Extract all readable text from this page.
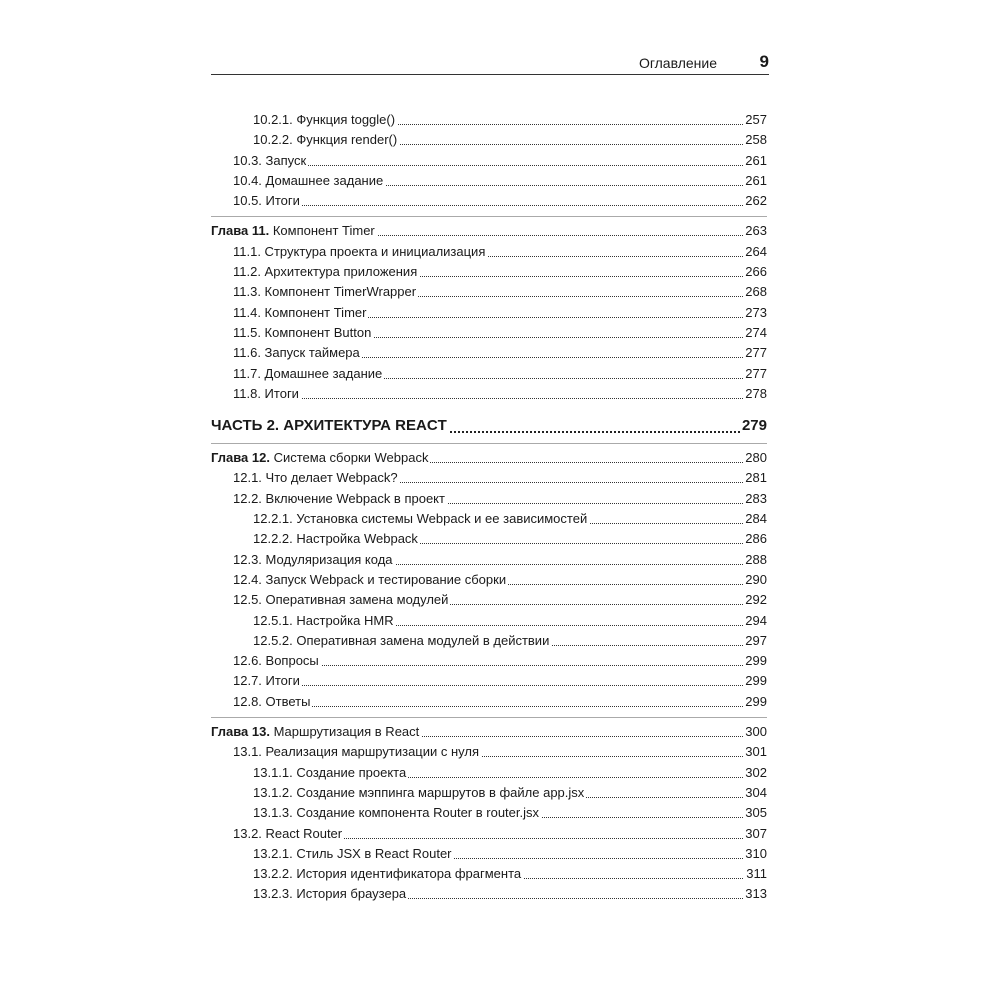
Оглавление	9
10.2.1. Функция toggle()	257
10.2.2. Функция render()	258
10.3. Запуск	261
10.4. Домашнее задание	261
10.5. Итоги	262
Глава 11. Компонент Timer	263
11.1. Структура проекта и инициализация	264
11.2. Архитектура приложения	266
11.3. Компонент TimerWrapper	268
11.4. Компонент Timer	273
11.5. Компонент Button	274
11.6. Запуск таймера	277
11.7. Домашнее задание	277
11.8. Итоги	278
ЧАСТЬ 2. АРХИТЕКТУРА REACT	279
Глава 12. Система сборки Webpack	280
12.1. Что делает Webpack?	281
12.2. Включение Webpack в проект	283
12.2.1. Установка системы Webpack и ее зависимостей	284
12.2.2. Настройка Webpack	286
12.3. Модуляризация кода	288
12.4. Запуск Webpack и тестирование сборки	290
12.5. Оперативная замена модулей	292
12.5.1. Настройка HMR	294
12.5.2. Оперативная замена модулей в действии	297
12.6. Вопросы	299
12.7. Итоги	299
12.8. Ответы	299
Глава 13. Маршрутизация в React	300
13.1. Реализация маршрутизации с нуля	301
13.1.1. Создание проекта	302
13.1.2. Создание мэппинга маршрутов в файле app.jsx	304
13.1.3. Создание компонента Router в router.jsx	305
13.2. React Router	307
13.2.1. Стиль JSX в React Router	310
13.2.2. История идентификатора фрагмента	311
13.2.3. История браузера	313
